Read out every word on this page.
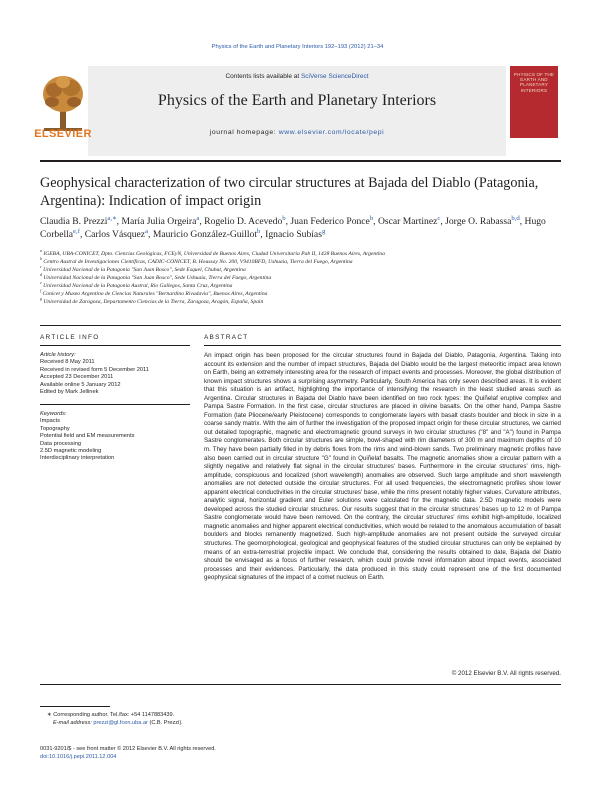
Physics of the Earth and Planetary Interiors 192–193 (2012) 21–34
Contents lists available at SciVerse ScienceDirect
Physics of the Earth and Planetary Interiors
journal homepage: www.elsevier.com/locate/pepi
ELSEVIER
PHYSICS OF THE EARTH AND PLANETARY INTERIORS
Geophysical characterization of two circular structures at Bajada del Diablo (Patagonia, Argentina): Indication of impact origin
Claudia B. Prezzi$^{a,∗}$, María Julia Orgeira$^a$, Rogelio D. Acevedo$^b$, Juan Federico Ponce$^b$, Oscar Martinez$^c$, Jorge O. Rabassa$^{b,d}$, Hugo Corbella$^{e,f}$, Carlos Vásquez$^a$, Mauricio González-Guillot$^b$, Ignacio Subías$^g$
$^a$ IGEBA, UBA-CONICET, Dpto. Ciencias Geológicas, FCEyN, Universidad de Buenos Aires, Ciudad Universitaria Pab II, 1428 Buenos Aires, Argentina
$^b$ Centro Austral de Investigaciones Científicas, CADIC-CONICET, B. Houssay No. 200, V9410BFD, Ushuaia, Tierra del Fuego, Argentina
$^c$ Universidad Nacional de la Patagonia "San Juan Bosco", Sede Esquel, Chubut, Argentina
$^d$ Universidad Nacional de la Patagonia "San Juan Bosco", Sede Ushuaia, Tierra del Fuego, Argentina
$^e$ Universidad Nacional de la Patagonia Austral, Río Gallegos, Santa Cruz, Argentina
$^f$ Conicet y Museo Argentino de Ciencias Naturales "Bernardino Rivadavia", Buenos Aires, Argentina
$^g$ Universidad de Zaragoza, Departamento Ciencias de la Tierra, Zaragoza, Aragón, España, Spain
ARTICLE INFO	ABSTRACT
Article history:
Received 8 May 2011
Received in revised form 5 December 2011
Accepted 23 December 2011
Available online 5 January 2012
Edited by Mark Jellinek
Keywords:
Impacts
Topography
Potential field and EM measurements
Data processing
2.5D magnetic modeling
Interdisciplinary interpretation

An impact origin has been proposed for the circular structures found in Bajada del Diablo, Patagonia, Argentina. Taking into account its extension and the number of impact structures, Bajada del Diablo would be the largest meteoritic impact area known on Earth, being an extremely interesting area for the research of impact events and processes. Moreover, the global distribution of known impact structures shows a surprising asymmetry. Particularly, South America has only seven described areas. It is evident that this situation is an artifact, highlighting the importance of intensifying the research in the least studied areas such as Argentina. Circular structures in Bajada del Diablo have been identified on two rock types: the Quiñelaf eruptive complex and Pampa Sastre Formation. In the first case, circular structures are placed in olivine basalts. On the other hand, Pampa Sastre Formation (late Pliocene/early Pleistocene) corresponds to conglomerate layers with basalt clasts boulder and block in size in a coarse sandy matrix. With the aim of further the investigation of the proposed impact origin for these circular structures, we carried out detailed topographic, magnetic and electromagnetic ground surveys in two circular structures ("8" and "A") found in Pampa Sastre conglomerates. Both circular structures are simple, bowl-shaped with rim diameters of 300 m and maximum depths of 10 m. They have been partially filled in by debris flows from the rims and wind-blown sands. Two preliminary magnetic profiles have also been carried out in circular structure "G" found in Quiñelaf basalts. The magnetic anomalies show a circular pattern with a slightly negative and relatively flat signal in the circular structures' bases. Furthermore in the circular structures' rims, high-amplitude, conspicuous and localized (short wavelength) anomalies are observed. Such large amplitude and short wavelength anomalies are not detected outside the circular structures. For all used frequencies, the electromagnetic profiles show lower apparent electrical conductivities in the circular structures' base, while the rims present notably higher values. Curvature attributes, analytic signal, horizontal gradient and Euler solutions were calculated for the magnetic data. 2.5D magnetic models were developed across the studied circular structures. Our results suggest that in the circular structures' bases up to 12 m of Pampa Sastre conglomerate would have been removed. On the contrary, the circular structures' rims exhibit high-amplitude, localized magnetic anomalies and higher apparent electrical conductivities, which would be related to the anomalous accumulation of basalt boulders and blocks remanently magnetized. Such high-amplitude anomalies are not present outside the surveyed circular structures. The geomorphological, geological and geophysical features of the studied circular structures can only be explained by means of an extra-terrestrial projectile impact. We conclude that, considering the results obtained to date, Bajada del Diablo should be envisaged as a focus of further research, which could provide novel information about impact events, associated processes and their evidences. Particularly, the data produced in this study could represent one of the first documented geophysical signatures of the impact of a comet nucleus on Earth.

© 2012 Elsevier B.V. All rights reserved.
∗ Corresponding author. Tel./fax: +54 1147883439.
E-mail address: prezzi@gl.fcen.uba.ar (C.B. Prezzi).
0031-9201/$ - see front matter © 2012 Elsevier B.V. All rights reserved.
doi:10.1016/j.pepi.2011.12.004
